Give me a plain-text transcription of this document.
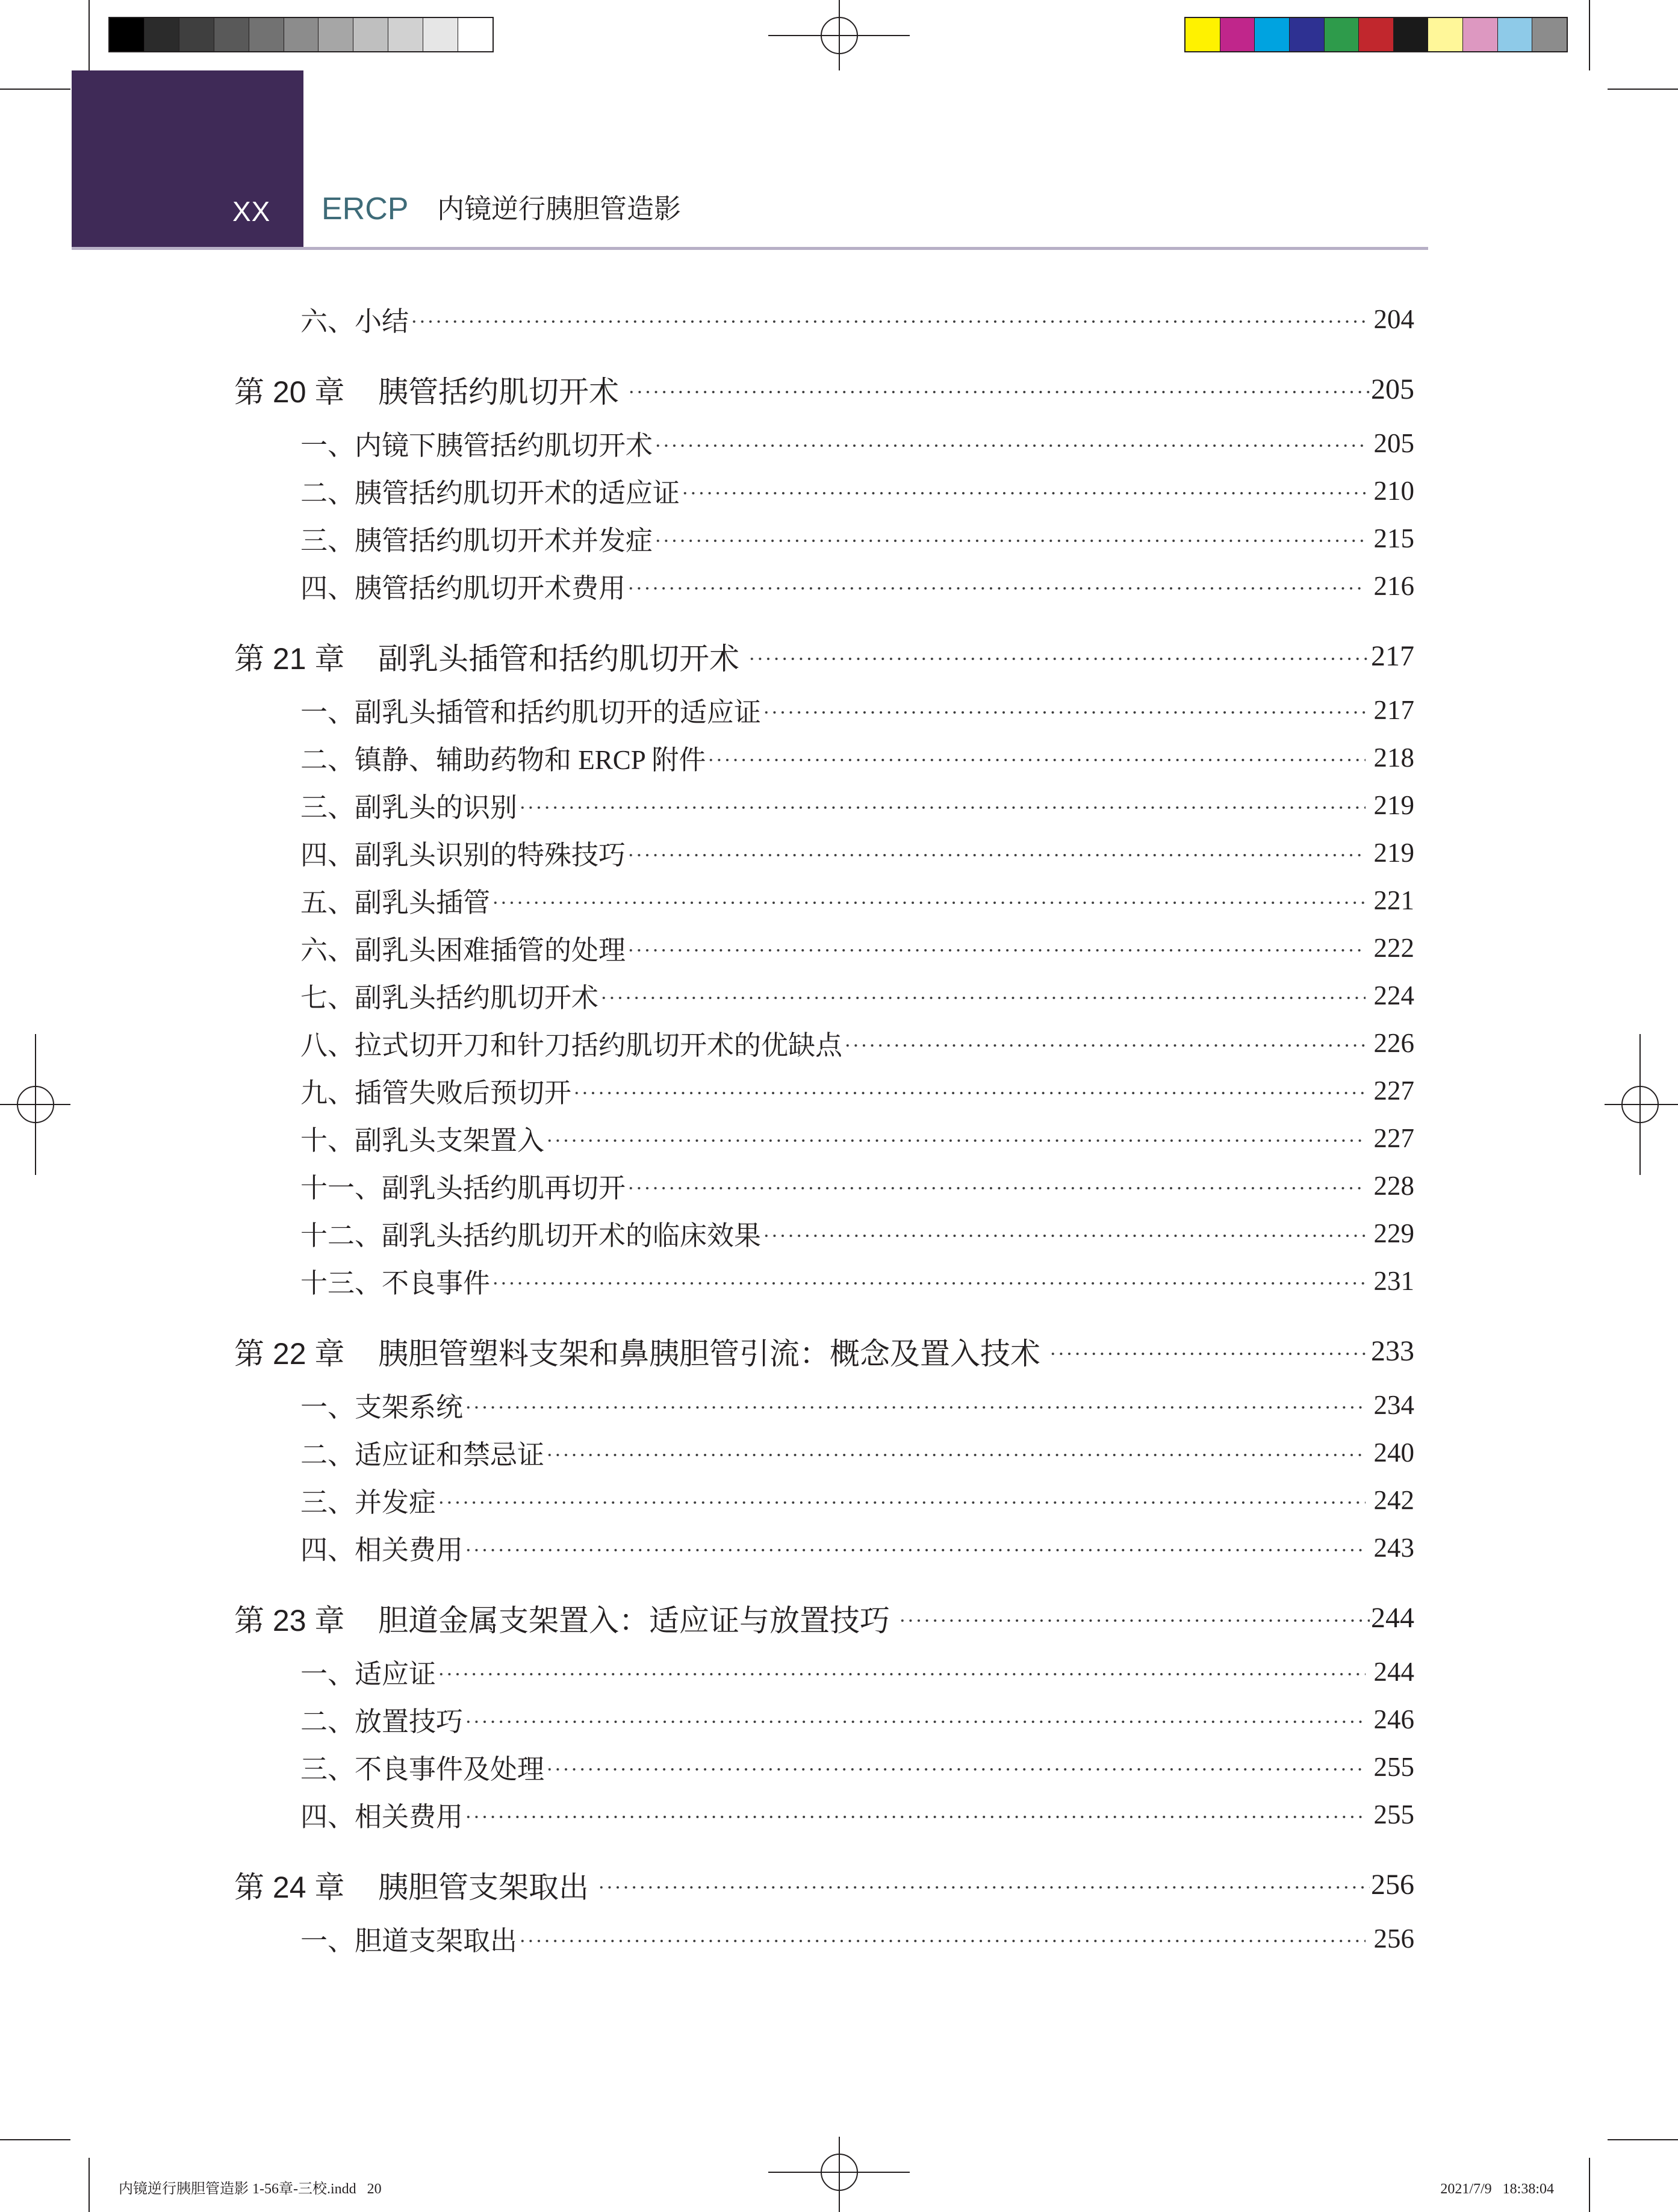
XX ERCP 内镜逆行胰胆管造影
六、小结	204
第 20 章	胰管括约肌切开术	205
一、内镜下胰管括约肌切开术	205
二、胰管括约肌切开术的适应证	210
三、胰管括约肌切开术并发症	215
四、胰管括约肌切开术费用	216
第 21 章	副乳头插管和括约肌切开术	217
一、副乳头插管和括约肌切开的适应证	217
二、镇静、辅助药物和 ERCP 附件	218
三、副乳头的识别	219
四、副乳头识别的特殊技巧	219
五、副乳头插管	221
六、副乳头困难插管的处理	222
七、副乳头括约肌切开术	224
八、拉式切开刀和针刀括约肌切开术的优缺点	226
九、插管失败后预切开	227
十、副乳头支架置入	227
十一、副乳头括约肌再切开	228
十二、副乳头括约肌切开术的临床效果	229
十三、不良事件	231
第 22 章	胰胆管塑料支架和鼻胰胆管引流：概念及置入技术	233
一、支架系统	234
二、适应证和禁忌证	240
三、并发症	242
四、相关费用	243
第 23 章	胆道金属支架置入：适应证与放置技巧	244
一、适应证	244
二、放置技巧	246
三、不良事件及处理	255
四、相关费用	255
第 24 章	胰胆管支架取出	256
一、胆道支架取出	256
内镜逆行胰胆管造影 1-56章-三校.indd   20	2021/7/9   18:38:04
